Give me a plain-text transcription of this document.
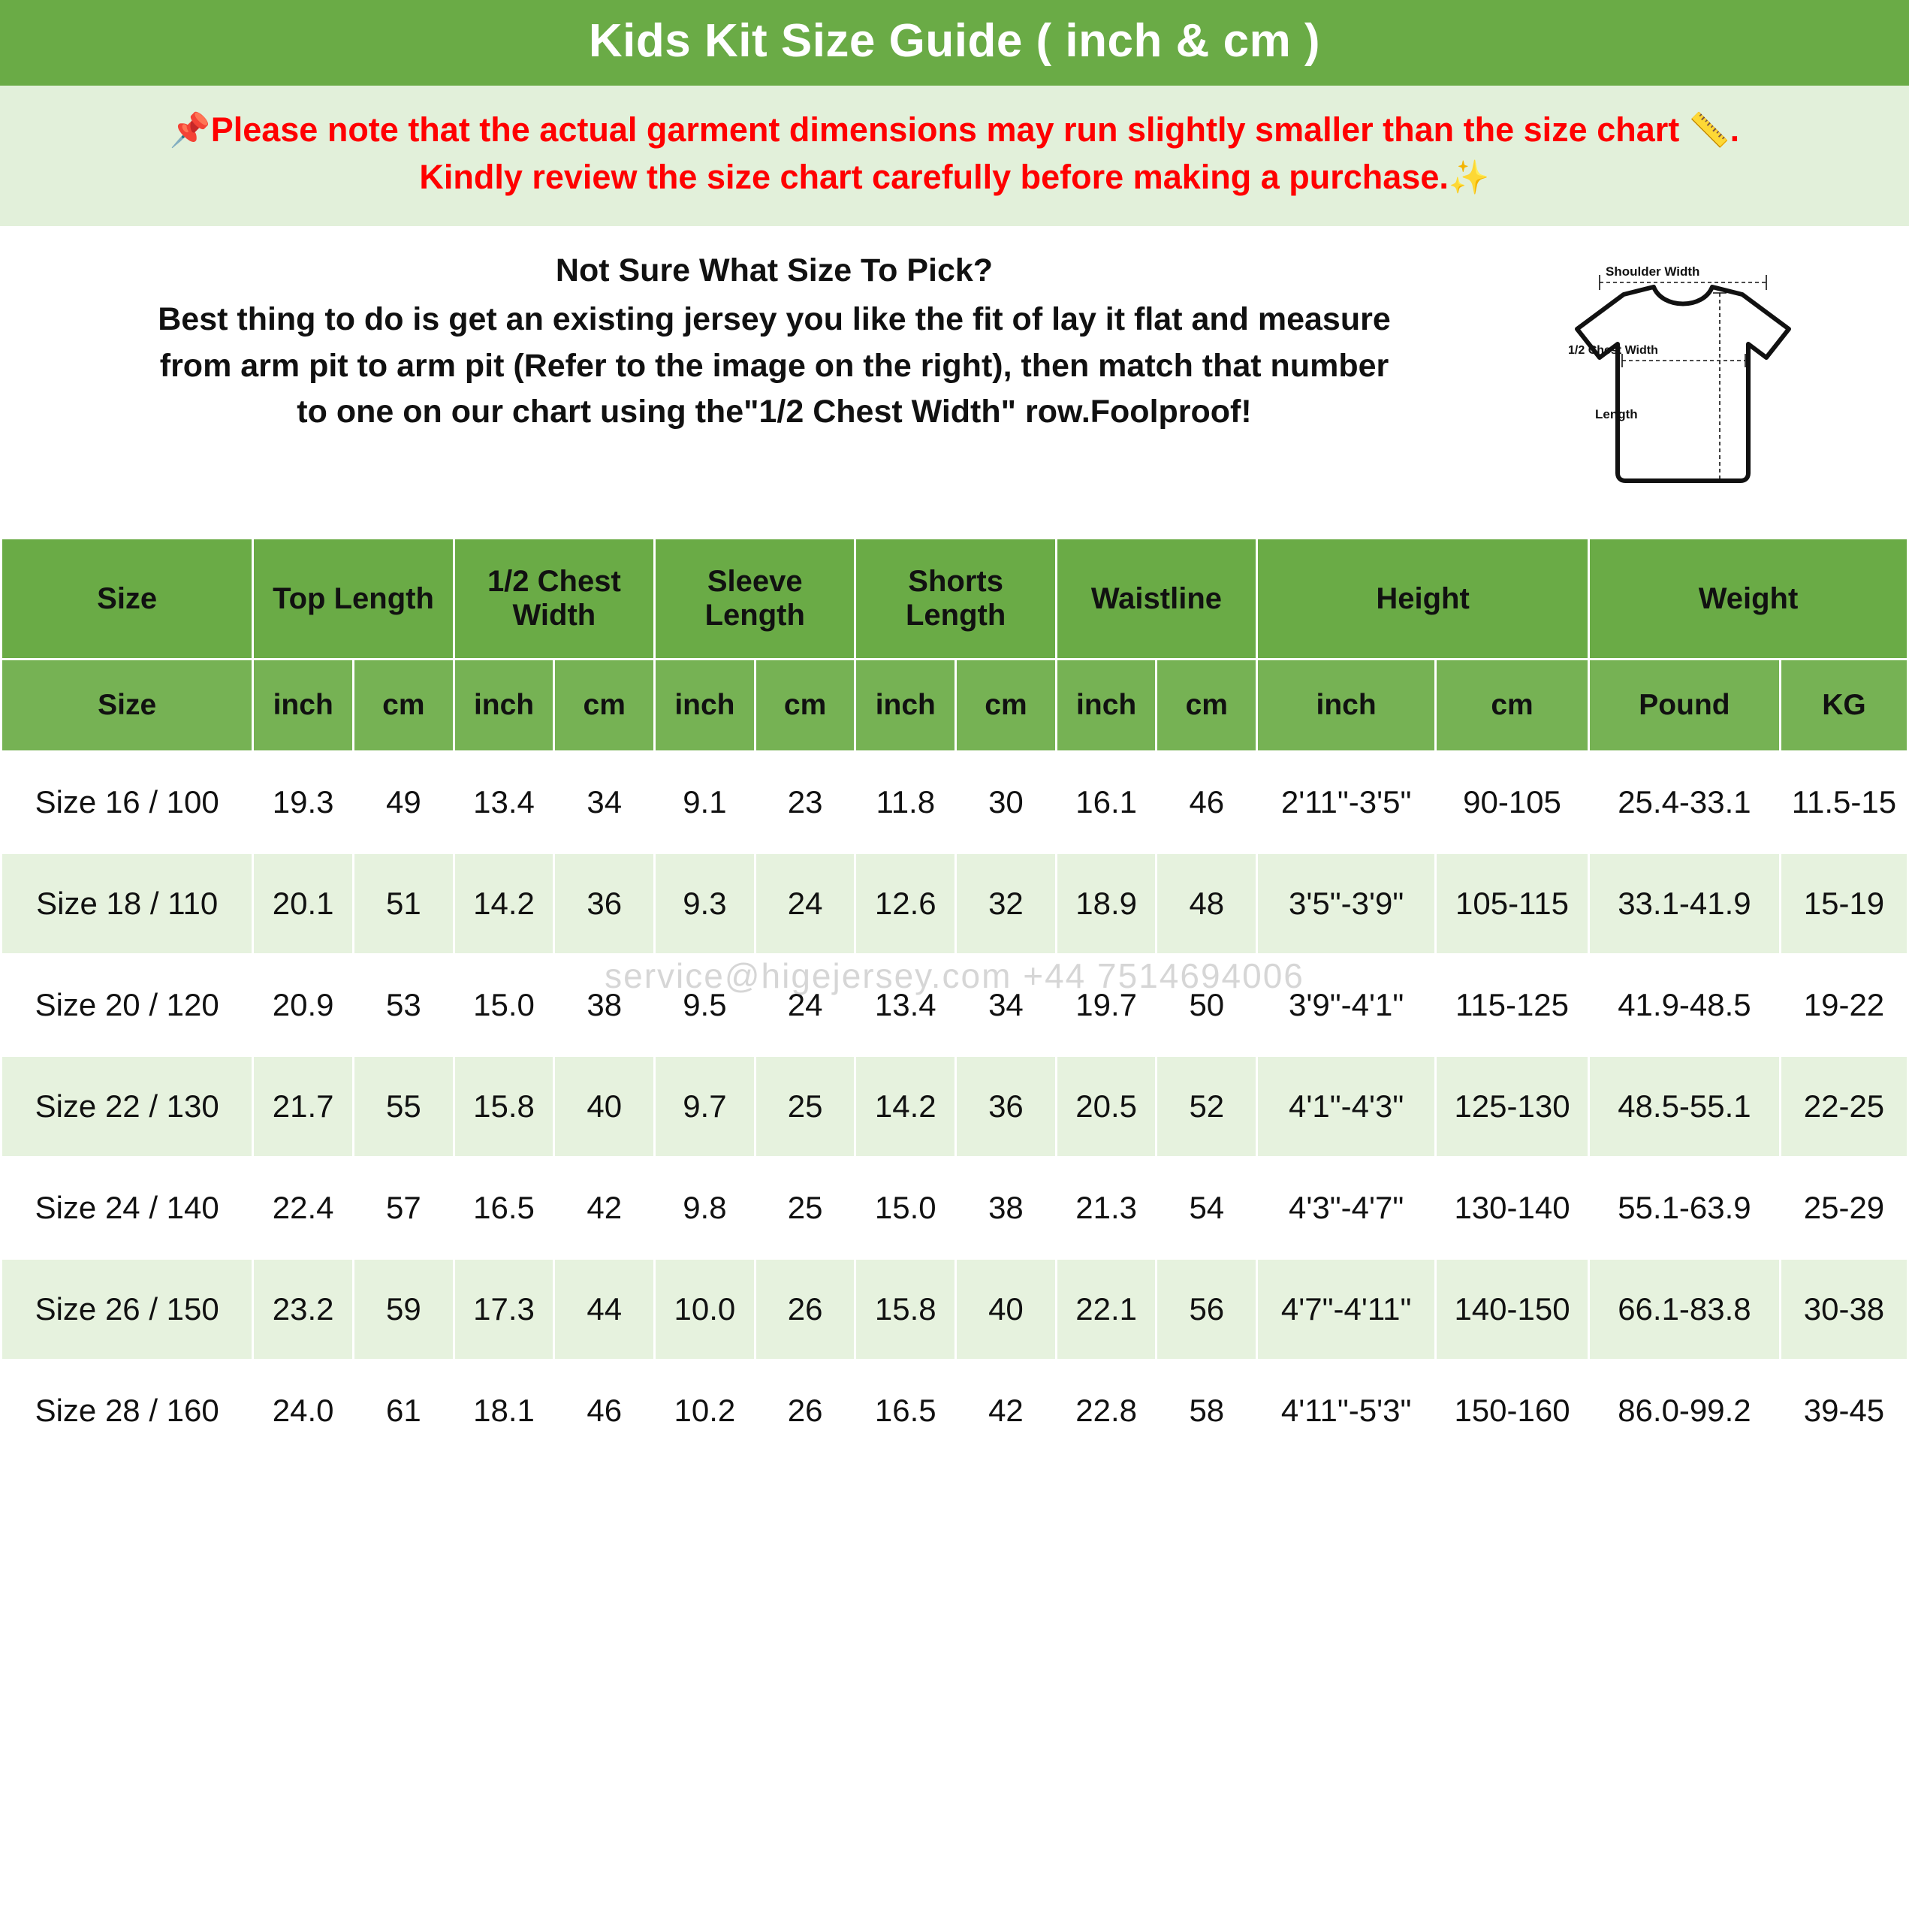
Kids Kit Size Guide ( inch & cm )
📌Please note that the actual garment dimensions may run slightly smaller than the size chart 📏.
Kindly review the size chart carefully before making a purchase.✨
Not Sure What Size To Pick?
Best thing to do is get an existing jersey you like the fit of lay it flat and measure
from arm pit to arm pit (Refer to the image on the right), then match that number
to one on our chart using the"1/2 Chest Width" row.Foolproof!
Shoulder Width
1/2 Chest Width
Length
Size	Top Length		1/2 Chest Width		Sleeve Length		Shorts Length		Waistline		Height		Weight	
Size	inch	cm	inch	cm	inch	cm	inch	cm	inch	cm	inch	cm	Pound	KG
Size 16 / 100	19.3	49	13.4	34	9.1	23	11.8	30	16.1	46	2'11"-3'5"	90-105	25.4-33.1	11.5-15
Size 18 / 110	20.1	51	14.2	36	9.3	24	12.6	32	18.9	48	3'5"-3'9"	105-115	33.1-41.9	15-19
Size 20 / 120	20.9	53	15.0	38	9.5	24	13.4	34	19.7	50	3'9"-4'1"	115-125	41.9-48.5	19-22
Size 22 / 130	21.7	55	15.8	40	9.7	25	14.2	36	20.5	52	4'1"-4'3"	125-130	48.5-55.1	22-25
Size 24 / 140	22.4	57	16.5	42	9.8	25	15.0	38	21.3	54	4'3"-4'7"	130-140	55.1-63.9	25-29
Size 26 / 150	23.2	59	17.3	44	10.0	26	15.8	40	22.1	56	4'7"-4'11"	140-150	66.1-83.8	30-38
Size 28 / 160	24.0	61	18.1	46	10.2	26	16.5	42	22.8	58	4'11"-5'3"	150-160	86.0-99.2	39-45
service@higejersey.com +44 7514694006
